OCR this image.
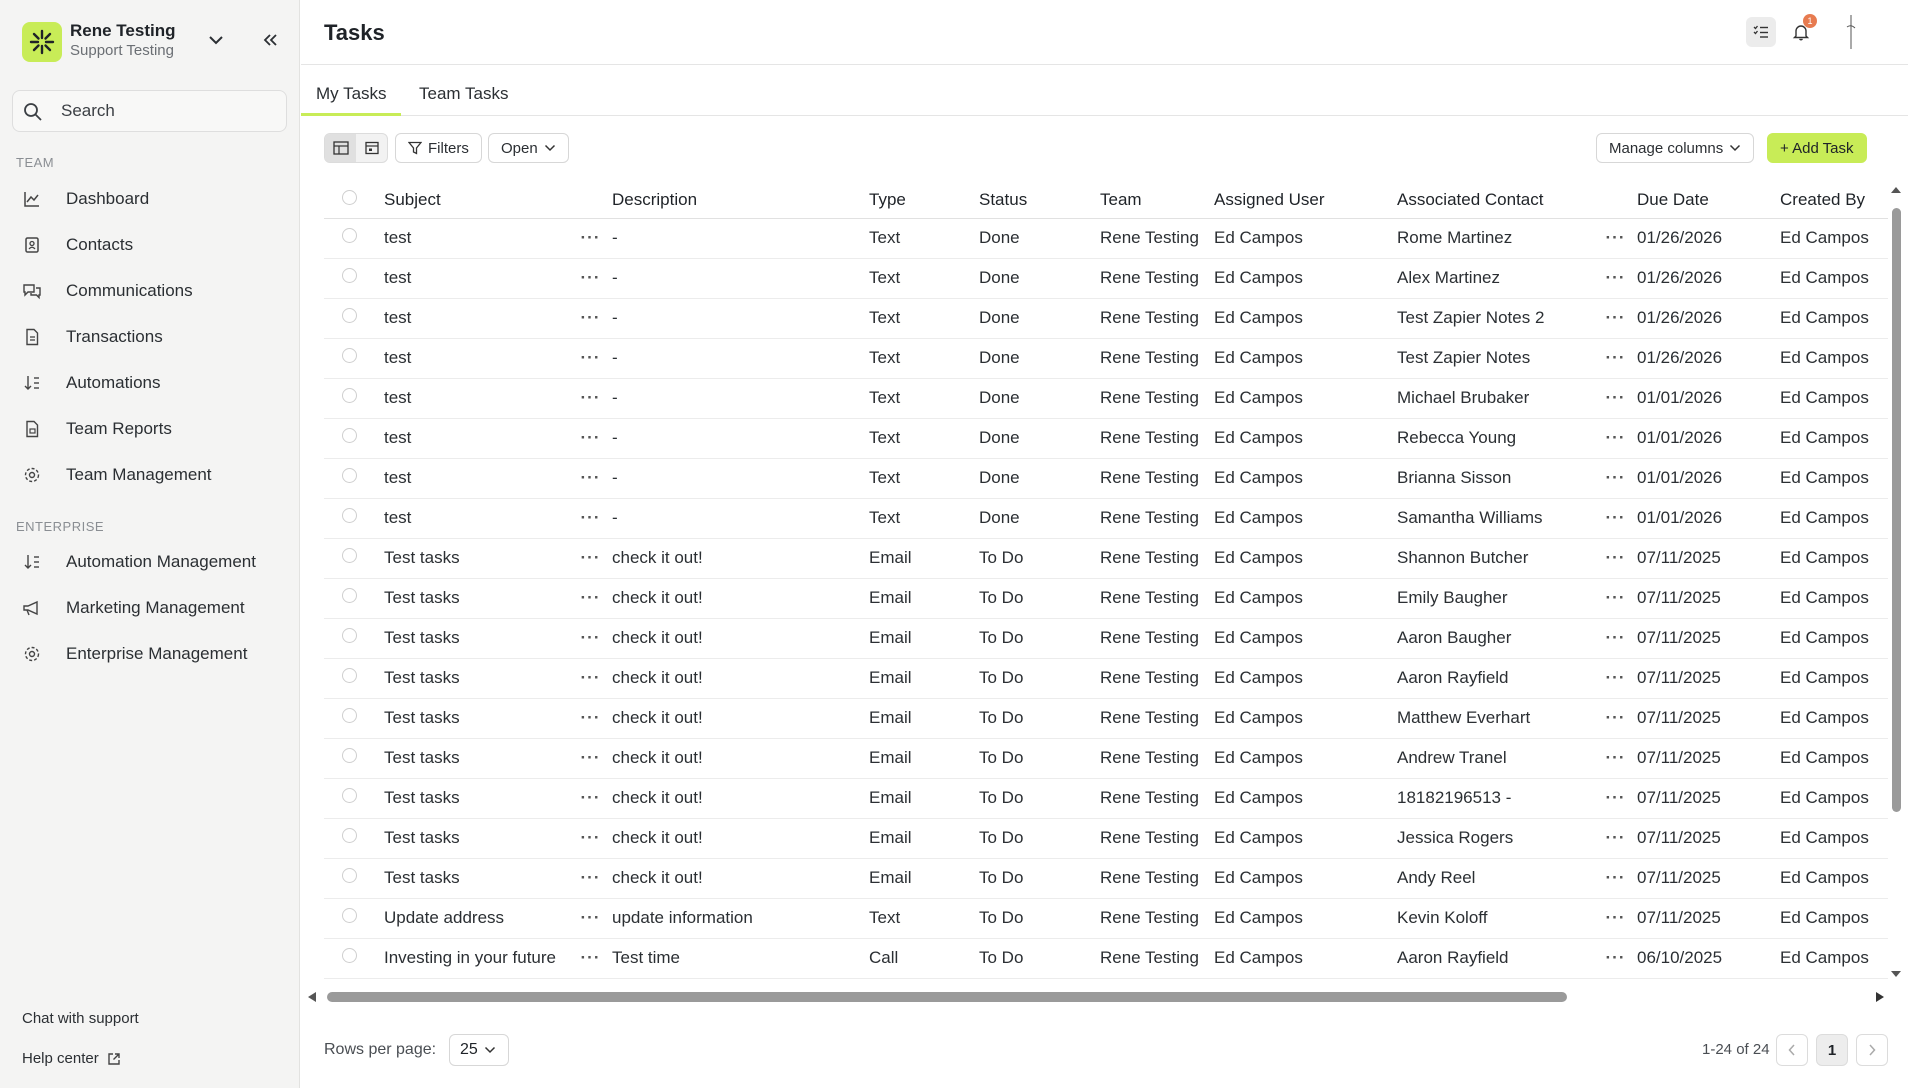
Rene Testing
Support Testing
Search
TEAM
Dashboard
Contacts
Communications
Transactions
Automations
Team Reports
Team Management
ENTERPRISE
Automation Management
Marketing Management
Enterprise Management
Chat with support
Help center
Tasks	1
My Tasks Team Tasks
Filters Open	Manage columns	+ Add Task
	Subject		Description	Type	Status	Team	Assigned User	Associated Contact		Due Date	Created By
	test	···	-	Text	Done	Rene Testing	Ed Campos	Rome Martinez	···	01/26/2026	Ed Campos
	test	···	-	Text	Done	Rene Testing	Ed Campos	Alex Martinez	···	01/26/2026	Ed Campos
	test	···	-	Text	Done	Rene Testing	Ed Campos	Test Zapier Notes 2	···	01/26/2026	Ed Campos
	test	···	-	Text	Done	Rene Testing	Ed Campos	Test Zapier Notes	···	01/26/2026	Ed Campos
	test	···	-	Text	Done	Rene Testing	Ed Campos	Michael Brubaker	···	01/01/2026	Ed Campos
	test	···	-	Text	Done	Rene Testing	Ed Campos	Rebecca Young	···	01/01/2026	Ed Campos
	test	···	-	Text	Done	Rene Testing	Ed Campos	Brianna Sisson	···	01/01/2026	Ed Campos
	test	···	-	Text	Done	Rene Testing	Ed Campos	Samantha Williams	···	01/01/2026	Ed Campos
	Test tasks	···	check it out!	Email	To Do	Rene Testing	Ed Campos	Shannon Butcher	···	07/11/2025	Ed Campos
	Test tasks	···	check it out!	Email	To Do	Rene Testing	Ed Campos	Emily Baugher	···	07/11/2025	Ed Campos
	Test tasks	···	check it out!	Email	To Do	Rene Testing	Ed Campos	Aaron Baugher	···	07/11/2025	Ed Campos
	Test tasks	···	check it out!	Email	To Do	Rene Testing	Ed Campos	Aaron Rayfield	···	07/11/2025	Ed Campos
	Test tasks	···	check it out!	Email	To Do	Rene Testing	Ed Campos	Matthew Everhart	···	07/11/2025	Ed Campos
	Test tasks	···	check it out!	Email	To Do	Rene Testing	Ed Campos	Andrew Tranel	···	07/11/2025	Ed Campos
	Test tasks	···	check it out!	Email	To Do	Rene Testing	Ed Campos	18182196513 -	···	07/11/2025	Ed Campos
	Test tasks	···	check it out!	Email	To Do	Rene Testing	Ed Campos	Jessica Rogers	···	07/11/2025	Ed Campos
	Test tasks	···	check it out!	Email	To Do	Rene Testing	Ed Campos	Andy Reel	···	07/11/2025	Ed Campos
	Update address	···	update information	Text	To Do	Rene Testing	Ed Campos	Kevin Koloff	···	07/11/2025	Ed Campos
	Investing in your future	···	Test time	Call	To Do	Rene Testing	Ed Campos	Aaron Rayfield	···	06/10/2025	Ed Campos
Rows per page: 25	1-24 of 24	1
